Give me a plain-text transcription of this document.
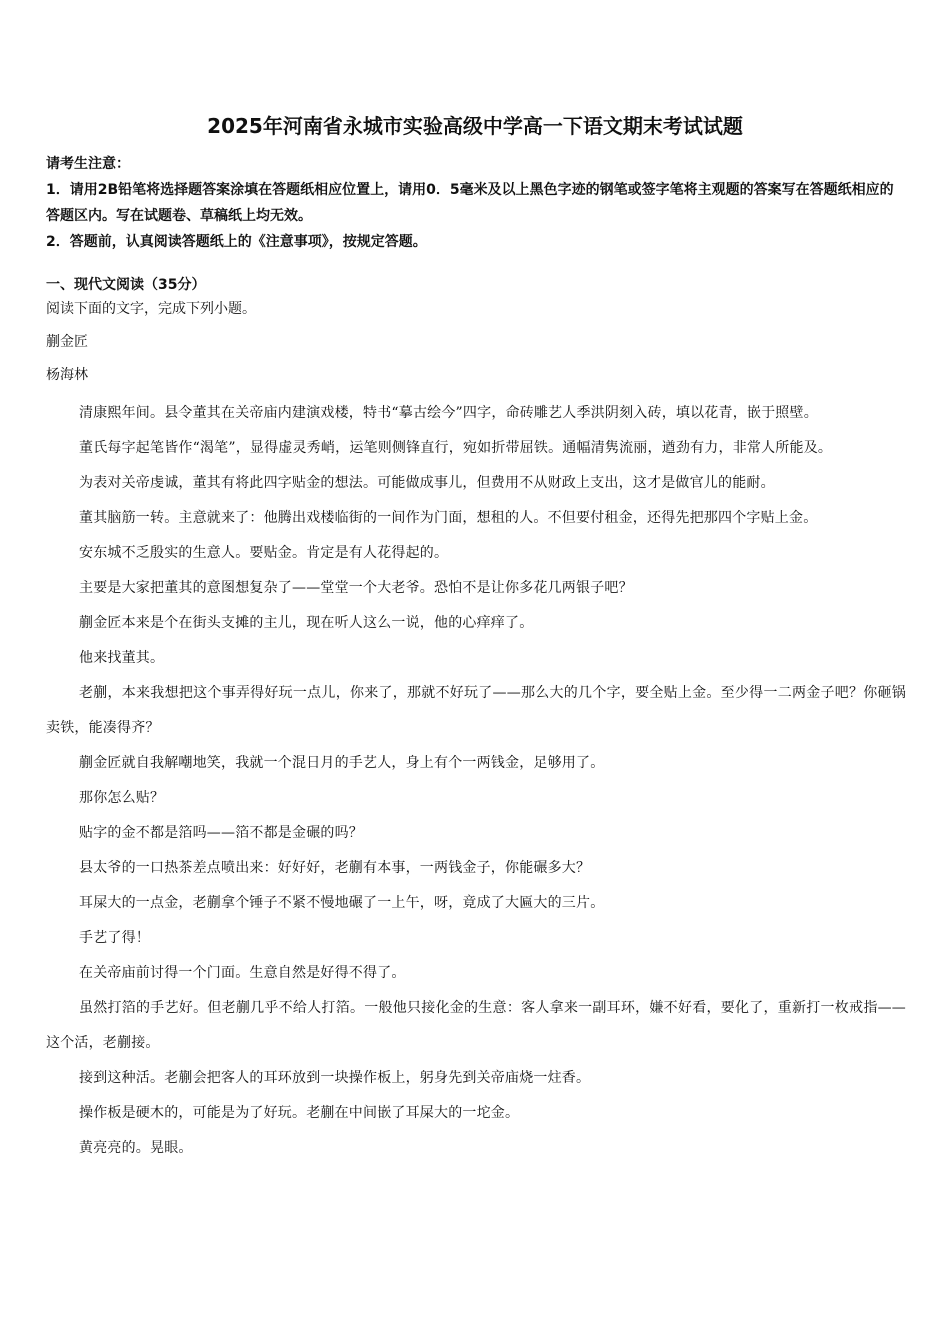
2025年河南省永城市实验高级中学高一下语文期末考试试题
请考生注意：
1．请用2B铅笔将选择题答案涂填在答题纸相应位置上，请用0．5毫米及以上黑色字迹的钢笔或签字笔将主观题的答案写在答题纸相应的答题区内。写在试题卷、草稿纸上均无效。
2．答题前，认真阅读答题纸上的《注意事项》，按规定答题。
一、现代文阅读（35分）
阅读下面的文字，完成下列小题。
蒯金匠
杨海林

清康熙年间。县令董其在关帝庙内建演戏楼，特书“摹古绘今”四字，命砖雕艺人季洪阴刻入砖，填以花青，嵌于照壁。

董氏每字起笔皆作“渴笔”，显得虚灵秀峭，运笔则侧锋直行，宛如折带屈铁。通幅清隽流丽，遒劲有力，非常人所能及。

为表对关帝虔诚，董其有将此四字贴金的想法。可能做成事儿，但费用不从财政上支出，这才是做官儿的能耐。

董其脑筋一转。主意就来了：他腾出戏楼临街的一间作为门面，想租的人。不但要付租金，还得先把那四个字贴上金。

安东城不乏殷实的生意人。要贴金。肯定是有人花得起的。

主要是大家把董其的意图想复杂了——堂堂一个大老爷。恐怕不是让你多花几两银子吧？

蒯金匠本来是个在街头支摊的主儿，现在听人这么一说，他的心痒痒了。

他来找董其。

老蒯，本来我想把这个事弄得好玩一点儿，你来了，那就不好玩了——那么大的几个字，要全贴上金。至少得一二两金子吧？你砸锅卖铁，能凑得齐？

蒯金匠就自我解嘲地笑，我就一个混日月的手艺人，身上有个一两钱金，足够用了。

那你怎么贴？

贴字的金不都是箔吗——箔不都是金碾的吗？

县太爷的一口热茶差点喷出来：好好好，老蒯有本事，一两钱金子，你能碾多大？

耳屎大的一点金，老蒯拿个锤子不紧不慢地碾了一上午，呀，竟成了大匾大的三片。

手艺了得！

在关帝庙前讨得一个门面。生意自然是好得不得了。

虽然打箔的手艺好。但老蒯几乎不给人打箔。一般他只接化金的生意：客人拿来一副耳环，嫌不好看，要化了，重新打一枚戒指——这个活，老蒯接。

接到这种活。老蒯会把客人的耳环放到一块操作板上，躬身先到关帝庙烧一炷香。

操作板是硬木的，可能是为了好玩。老蒯在中间嵌了耳屎大的一坨金。

黄亮亮的。晃眼。
